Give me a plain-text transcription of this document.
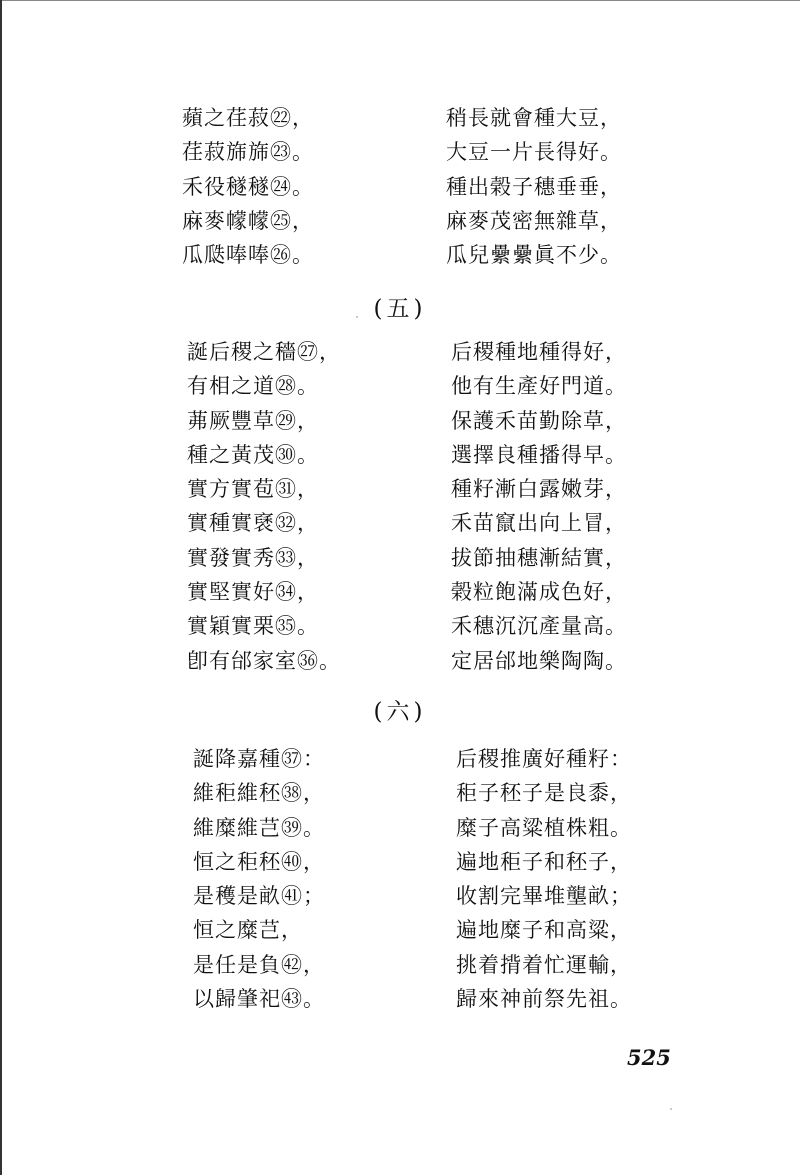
蘋之荏菽㉒，
荏菽旆旆㉓。
禾役穟穟㉔。
麻麥幪幪㉕，
瓜瓞唪唪㉖。
稍長就會種大豆，
大豆一片長得好。
種出榖子穗垂垂，
麻麥茂密無雜草，
瓜兒纍纍眞不少。
(五)
誕后稷之穡㉗，
有相之道㉘。
茀厥豐草㉙，
種之黃茂㉚。
實方實苞㉛，
實種實褎㉜，
實發實秀㉝，
實堅實好㉞，
實穎實栗㉟。
卽有邰家室㊱。
后稷種地種得好，
他有生產好門道。
保護禾苗勤除草，
選擇良種播得早。
種籽漸白露嫩芽，
禾苗竄出向上冒，
拔節抽穗漸結實，
榖粒飽滿成色好，
禾穗沉沉產量高。
定居邰地樂陶陶。
(六)
誕降嘉種㊲：
維秬維秠㊳，
維糜維芑㊴。
恒之秬秠㊵，
是穫是畝㊶；
恒之糜芑，
是任是負㊷，
以歸肇祀㊸。
后稷推廣好種籽：
秬子秠子是良黍，
糜子高粱植株粗。
遍地秬子和秠子，
收割完畢堆壟畝；
遍地糜子和高粱，
挑着揹着忙運輸，
歸來神前祭先祖。
525
